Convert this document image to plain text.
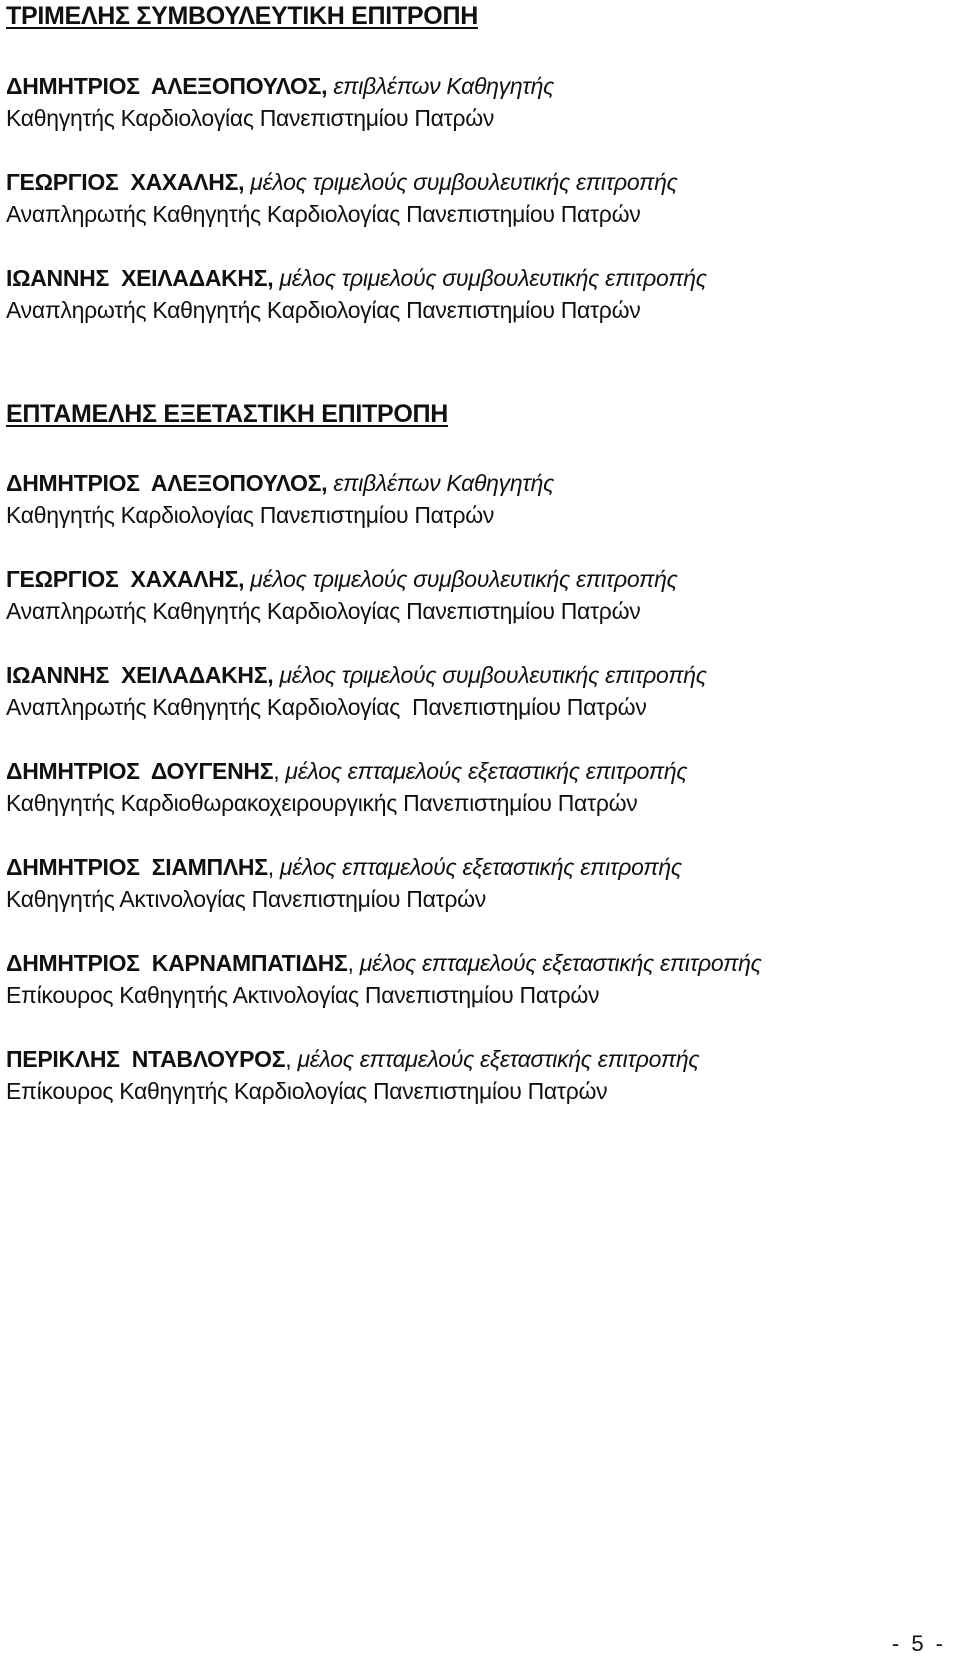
ΤΡΙΜΕΛΗΣ ΣΥΜΒΟΥΛΕΥΤΙΚΗ ΕΠΙΤΡΟΠΗ
ΔΗΜΗΤΡΙΟΣ ΑΛΕΞΟΠΟΥΛΟΣ, επιβλέπων Καθηγητής
Καθηγητής Καρδιολογίας Πανεπιστημίου Πατρών
ΓΕΩΡΓΙΟΣ ΧΑΧΑΛΗΣ, μέλος τριμελούς συμβουλευτικής επιτροπής
Αναπληρωτής Καθηγητής Καρδιολογίας Πανεπιστημίου Πατρών
ΙΩΑΝΝΗΣ ΧΕΙΛΑΔΑΚΗΣ, μέλος τριμελούς συμβουλευτικής επιτροπής
Αναπληρωτής Καθηγητής Καρδιολογίας Πανεπιστημίου Πατρών
ΕΠΤΑΜΕΛΗΣ ΕΞΕΤΑΣΤΙΚΗ ΕΠΙΤΡΟΠΗ
ΔΗΜΗΤΡΙΟΣ ΑΛΕΞΟΠΟΥΛΟΣ, επιβλέπων Καθηγητής
Καθηγητής Καρδιολογίας Πανεπιστημίου Πατρών
ΓΕΩΡΓΙΟΣ ΧΑΧΑΛΗΣ, μέλος τριμελούς συμβουλευτικής επιτροπής
Αναπληρωτής Καθηγητής Καρδιολογίας Πανεπιστημίου Πατρών
ΙΩΑΝΝΗΣ ΧΕΙΛΑΔΑΚΗΣ, μέλος τριμελούς συμβουλευτικής επιτροπής
Αναπληρωτής Καθηγητής Καρδιολογίας  Πανεπιστημίου Πατρών
ΔΗΜΗΤΡΙΟΣ ΔΟΥΓΕΝΗΣ, μέλος επταμελούς εξεταστικής επιτροπής
Καθηγητής Καρδιοθωρακοχειρουργικής Πανεπιστημίου Πατρών
ΔΗΜΗΤΡΙΟΣ ΣΙΑΜΠΛΗΣ, μέλος επταμελούς εξεταστικής επιτροπής
Καθηγητής Ακτινολογίας Πανεπιστημίου Πατρών
ΔΗΜΗΤΡΙΟΣ ΚΑΡΝΑΜΠΑΤΙΔΗΣ, μέλος επταμελούς εξεταστικής επιτροπής
Επίκουρος Καθηγητής Ακτινολογίας Πανεπιστημίου Πατρών
ΠΕΡΙΚΛΗΣ ΝΤΑΒΛΟΥΡΟΣ, μέλος επταμελούς εξεταστικής επιτροπής
Επίκουρος Καθηγητής Καρδιολογίας Πανεπιστημίου Πατρών
- 5 -
